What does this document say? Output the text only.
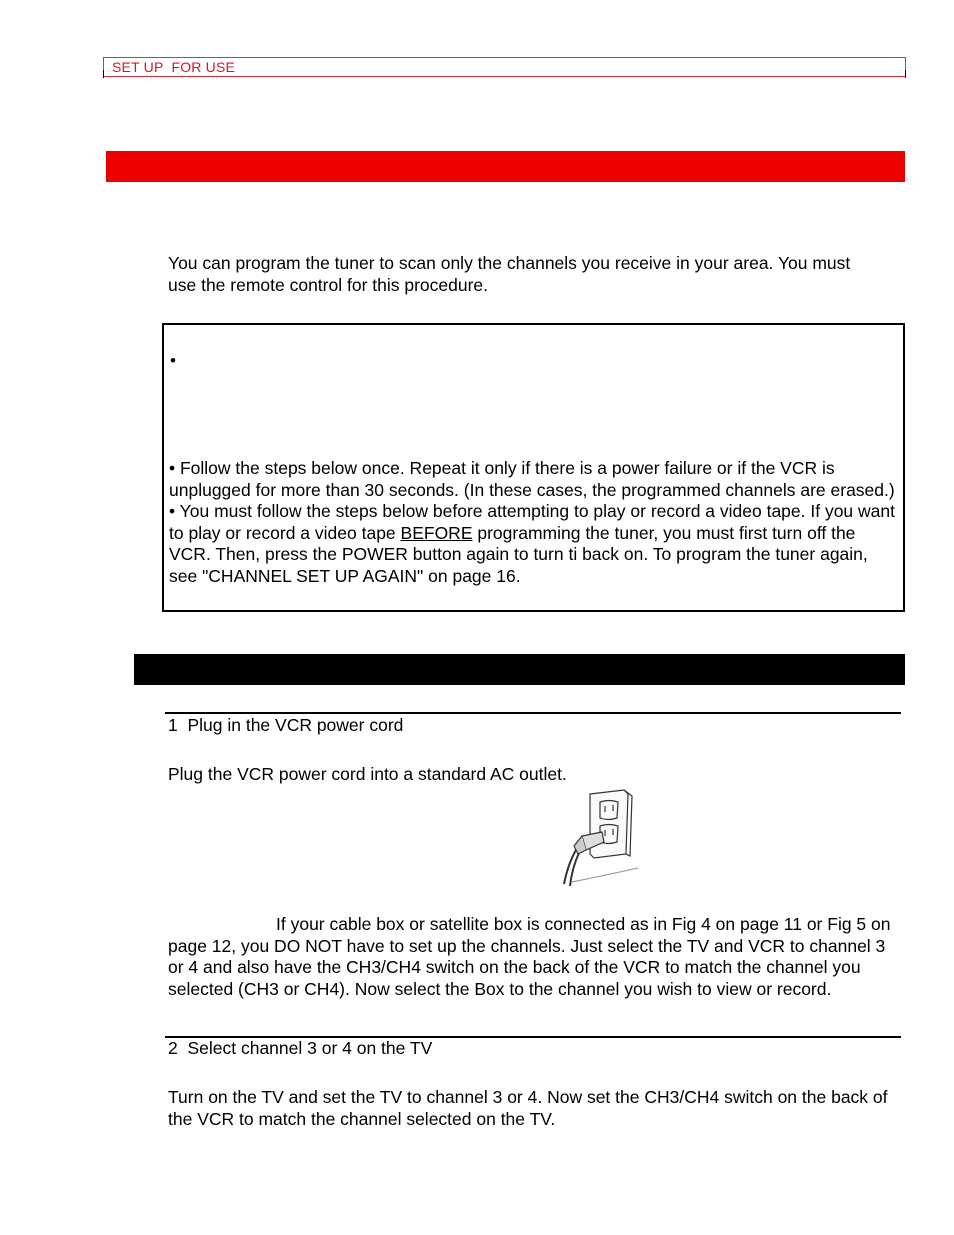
SET UP  FOR USE
You can program the tuner to scan only the channels you receive in your area. You must use the remote control for this procedure.
•
• Follow the steps below once. Repeat it only if there is a power failure or if the VCR is unplugged for more than 30 seconds. (In these cases, the programmed channels are erased.)
• You must follow the steps below before attempting to play or record a video tape. If you want to play or record a video tape BEFORE programming the tuner, you must first turn off the VCR. Then, press the POWER button again to turn ti back on. To program the tuner again, see "CHANNEL SET UP AGAIN" on page 16.
1  Plug in the VCR power cord
Plug the VCR power cord into a standard AC outlet.
If your cable box or satellite box is connected as in Fig 4 on page 11 or Fig 5 on page 12, you DO NOT have to set up the channels. Just select the TV and VCR to channel 3 or 4 and also have the CH3/CH4 switch on the back of the VCR to match the channel you selected (CH3 or CH4). Now select the Box to the channel you wish to view or record.
2  Select channel 3 or 4 on the TV
Turn on the TV and set the TV to channel 3 or 4. Now set the CH3/CH4 switch on the back of the VCR to match the channel selected on the TV.
